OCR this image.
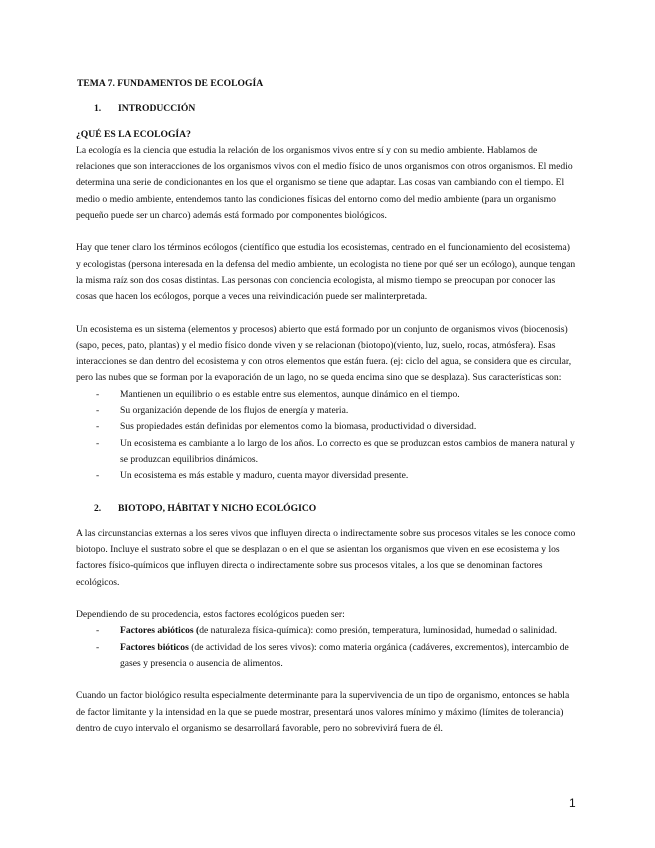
TEMA 7. FUNDAMENTOS DE ECOLOGÍA
1.	INTRODUCCIÓN
¿QUÉ ES LA ECOLOGÍA?

La ecología es la ciencia que estudia la relación de los organismos vivos entre sí y con su medio ambiente. Hablamos de relaciones que son interacciones de los organismos vivos con el medio físico de unos organismos con otros organismos. El medio determina una serie de condicionantes en los que el organismo se tiene que adaptar. Las cosas van cambiando con el tiempo. El medio o medio ambiente, entendemos tanto las condiciones físicas del entorno como del medio ambiente (para un organismo pequeño puede ser un charco) además está formado por componentes biológicos.

Hay que tener claro los términos ecólogos (científico que estudia los ecosistemas, centrado en el funcionamiento del ecosistema) y ecologistas (persona interesada en la defensa del medio ambiente, un ecologista no tiene por qué ser un ecólogo), aunque tengan la misma raíz son dos cosas distintas. Las personas con conciencia ecologista, al mismo tiempo se preocupan por conocer las cosas que hacen los ecólogos, porque a veces una reivindicación puede ser malinterpretada.

Un ecosistema es un sistema (elementos y procesos) abierto que está formado por un conjunto de organismos vivos (biocenosis)(sapo, peces, pato, plantas) y el medio físico donde viven y se relacionan (biotopo)(viento, luz, suelo, rocas, atmósfera). Esas interacciones se dan dentro del ecosistema y con otros elementos que están fuera. (ej: ciclo del agua, se considera que es circular, pero las nubes que se forman por la evaporación de un lago, no se queda encima sino que se desplaza). Sus características son:

- Mantienen un equilibrio o es estable entre sus elementos, aunque dinámico en el tiempo.
- Su organización depende de los flujos de energía y materia.
- Sus propiedades están definidas por elementos como la biomasa, productividad o diversidad.
- Un ecosistema es cambiante a lo largo de los años. Lo correcto es que se produzcan estos cambios de manera natural y se produzcan equilibrios dinámicos.
- Un ecosistema es más estable y maduro, cuenta mayor diversidad presente.
2.	BIOTOPO, HÁBITAT Y NICHO ECOLÓGICO

A las circunstancias externas a los seres vivos que influyen directa o indirectamente sobre sus procesos vitales se les conoce como biotopo. Incluye el sustrato sobre el que se desplazan o en el que se asientan los organismos que viven en ese ecosistema y los factores físico-químicos que influyen directa o indirectamente sobre sus procesos vitales, a los que se denominan factores ecológicos.

Dependiendo de su procedencia, estos factores ecológicos pueden ser:

- Factores abióticos (de naturaleza física-química): como presión, temperatura, luminosidad, humedad o salinidad.
- Factores bióticos (de actividad de los seres vivos): como materia orgánica (cadáveres, excrementos), intercambio de gases y presencia o ausencia de alimentos.

Cuando un factor biológico resulta especialmente determinante para la supervivencia de un tipo de organismo, entonces se habla de factor limitante y la intensidad en la que se puede mostrar, presentará unos valores mínimo y máximo (límites de tolerancia) dentro de cuyo intervalo el organismo se desarrollará favorable, pero no sobrevivirá fuera de él.

1
